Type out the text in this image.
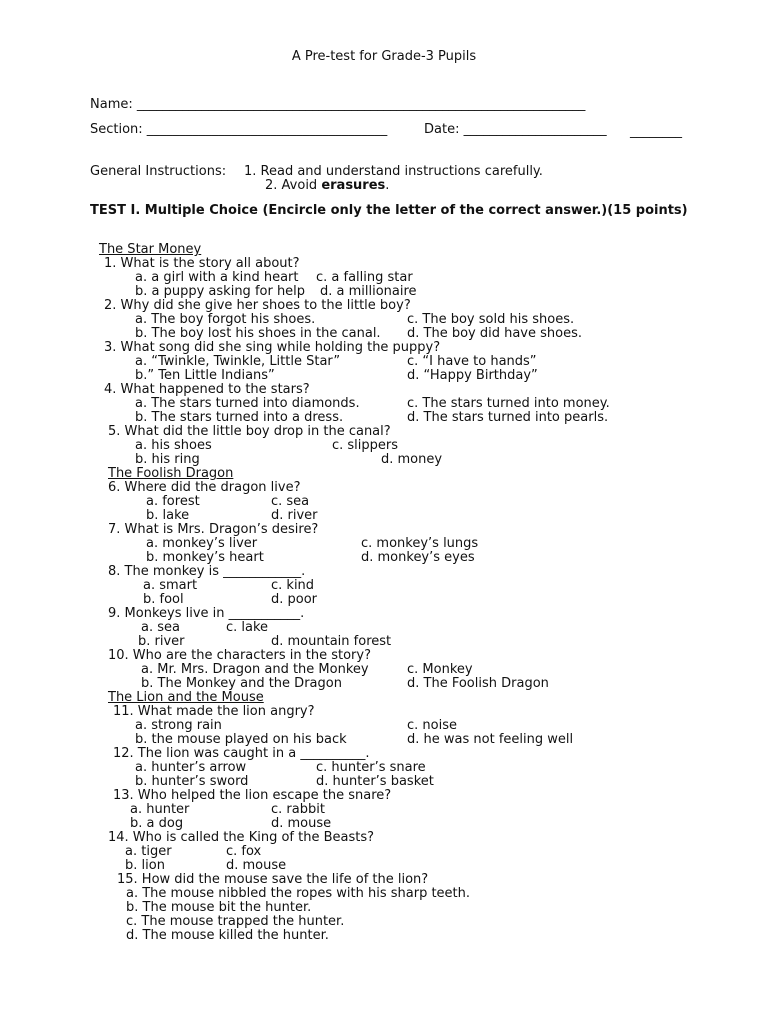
A Pre-test for Grade-3 Pupils
Name: _____________________________________________________________________
Section: _____________________________________	Date: ______________________ ________
General Instructions: 1. Read and understand instructions carefully.
2. Avoid erasures.
TEST I. Multiple Choice (Encircle only the letter of the correct answer.)(15 points)
The Star Money
1. What is the story all about?
a. a girl with a kind heart c. a falling star
b. a puppy asking for help d. a millionaire
2. Why did she give her shoes to the little boy?
a. The boy forgot his shoes.	c. The boy sold his shoes.
b. The boy lost his shoes in the canal. d. The boy did have shoes.
3. What song did she sing while holding the puppy?
a. “Twinkle, Twinkle, Little Star”	c. “I have to hands”
b.” Ten Little Indians”	d. “Happy Birthday”
4. What happened to the stars?
a. The stars turned into diamonds.	c. The stars turned into money.
b. The stars turned into a dress.	d. The stars turned into pearls.
5. What did the little boy drop in the canal?
a. his shoes	c. slippers
b. his ring	d. money
The Foolish Dragon
6. Where did the dragon live?
a. forest	c. sea
b. lake	d. river
7. What is Mrs. Dragon’s desire?
a. monkey’s liver	c. monkey’s lungs
b. monkey’s heart	d. monkey’s eyes
8. The monkey is ____________.
a. smart	c. kind
b. fool	d. poor
9. Monkeys live in ___________.
a. sea	c. lake
b. river	d. mountain forest
10. Who are the characters in the story?
a. Mr. Mrs. Dragon and the Monkey	c. Monkey
b. The Monkey and the Dragon	d. The Foolish Dragon
The Lion and the Mouse
11. What made the lion angry?
a. strong rain	c. noise
b. the mouse played on his back	d. he was not feeling well
12. The lion was caught in a __________.
a. hunter’s arrow	c. hunter’s snare
b. hunter’s sword	d. hunter’s basket
13. Who helped the lion escape the snare?
a. hunter	c. rabbit
b. a dog	d. mouse
14. Who is called the King of the Beasts?
a. tiger	c. fox
b. lion	d. mouse
15. How did the mouse save the life of the lion?
a. The mouse nibbled the ropes with his sharp teeth.
b. The mouse bit the hunter.
c. The mouse trapped the hunter.
d. The mouse killed the hunter.
